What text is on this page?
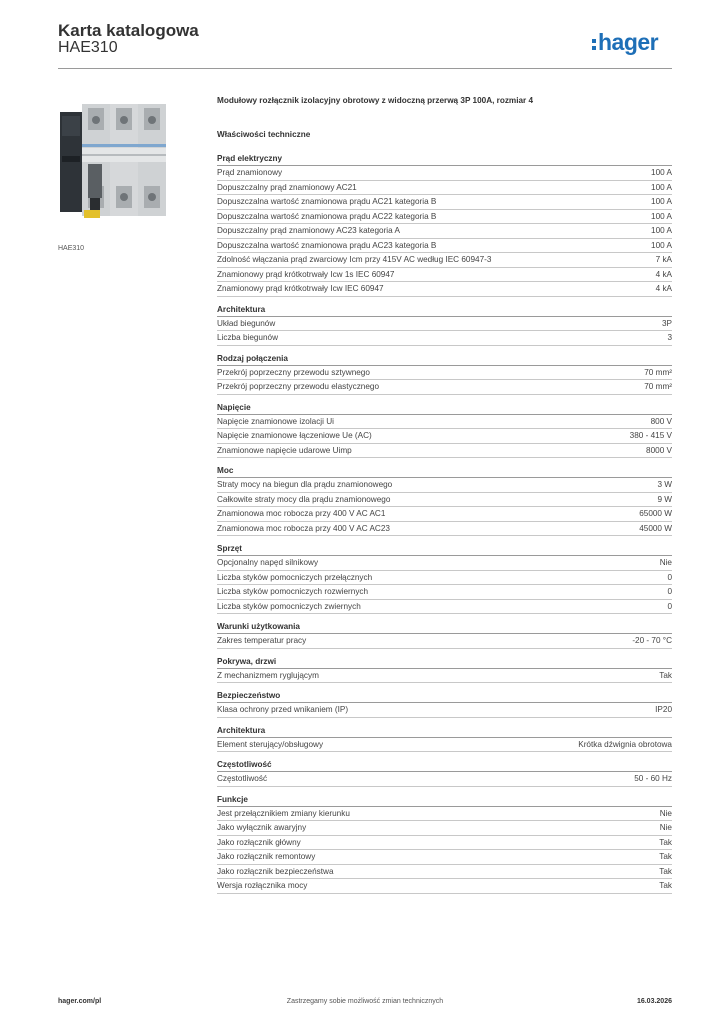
Karta katalogowa
HAE310	hager
HAE310
Modułowy rozłącznik izolacyjny obrotowy z widoczną przerwą 3P 100A, rozmiar 4
Właściwości techniczne
Prąd elektryczny
Prąd znamionowy	100 A
Dopuszczalny prąd znamionowy AC21	100 A
Dopuszczalna wartość znamionowa prądu AC21 kategoria B	100 A
Dopuszczalna wartość znamionowa prądu AC22 kategoria B	100 A
Dopuszczalny prąd znamionowy AC23 kategoria A	100 A
Dopuszczalna wartość znamionowa prądu AC23 kategoria B	100 A
Zdolność włączania prąd zwarciowy Icm przy 415V AC według IEC 60947-3	7 kA
Znamionowy prąd krótkotrwały Icw 1s IEC 60947	4 kA
Znamionowy prąd krótkotrwały Icw IEC 60947	4 kA
Architektura
Układ biegunów	3P
Liczba biegunów	3
Rodzaj połączenia
Przekrój poprzeczny przewodu sztywnego	70 mm²
Przekrój poprzeczny przewodu elastycznego	70 mm²
Napięcie
Napięcie znamionowe izolacji Ui	800 V
Napięcie znamionowe łączeniowe Ue (AC)	380 - 415 V
Znamionowe napięcie udarowe Uimp	8000 V
Moc
Straty mocy na biegun dla prądu znamionowego	3 W
Całkowite straty mocy dla prądu znamionowego	9 W
Znamionowa moc robocza przy 400 V AC AC1	65000 W
Znamionowa moc robocza przy 400 V AC AC23	45000 W
Sprzęt
Opcjonalny napęd silnikowy	Nie
Liczba styków pomocniczych przełącznych	0
Liczba styków pomocniczych rozwiernych	0
Liczba styków pomocniczych zwiernych	0
Warunki użytkowania
Zakres temperatur pracy	-20 - 70 °C
Pokrywa, drzwi
Z mechanizmem ryglującym	Tak
Bezpieczeństwo
Klasa ochrony przed wnikaniem (IP)	IP20
Architektura
Element sterujący/obsługowy	Krótka dźwignia obrotowa
Częstotliwość
Częstotliwość	50 - 60 Hz
Funkcje
Jest przełącznikiem zmiany kierunku	Nie
Jako wyłącznik awaryjny	Nie
Jako rozłącznik główny	Tak
Jako rozłącznik remontowy	Tak
Jako rozłącznik bezpieczeństwa	Tak
Wersja rozłącznika mocy	Tak
hager.com/pl	Zastrzegamy sobie możliwość zmian technicznych	16.03.2026
